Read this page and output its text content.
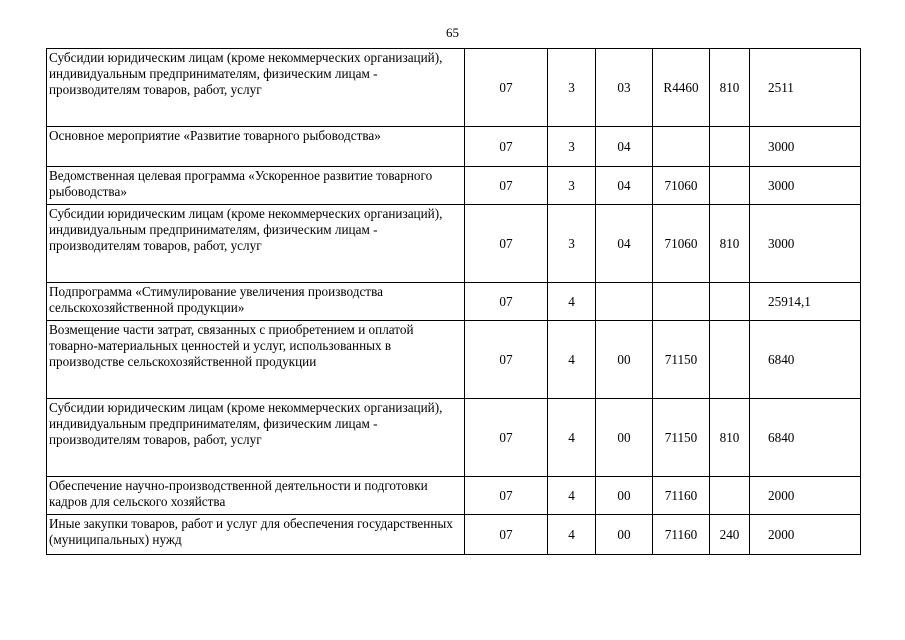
65
Субсидии юридическим лицам (кроме некоммерческих организаций), индивидуальным предпринимателям, физическим лицам - производителям товаров, работ, услуг	07	3	03	R4460	810	2511
Основное мероприятие «Развитие товарного рыбоводства»	07	3	04			3000
Ведомственная целевая программа «Ускоренное развитие товарного рыбоводства»	07	3	04	71060		3000
Субсидии юридическим лицам (кроме некоммерческих организаций), индивидуальным предпринимателям, физическим лицам - производителям товаров, работ, услуг	07	3	04	71060	810	3000
Подпрограмма «Стимулирование увеличения производства сельскохозяйственной продукции»	07	4				25914,1
Возмещение части затрат, связанных с приобретением и оплатой товарно-материальных ценностей и услуг, использованных в производстве сельскохозяйственной продукции	07	4	00	71150		6840
Субсидии юридическим лицам (кроме некоммерческих организаций), индивидуальным предпринимателям, физическим лицам - производителям товаров, работ, услуг	07	4	00	71150	810	6840
Обеспечение научно-производственной деятельности и подготовки кадров для сельского хозяйства	07	4	00	71160		2000
Иные закупки товаров, работ и услуг для обеспечения государственных (муниципальных) нужд	07	4	00	71160	240	2000
